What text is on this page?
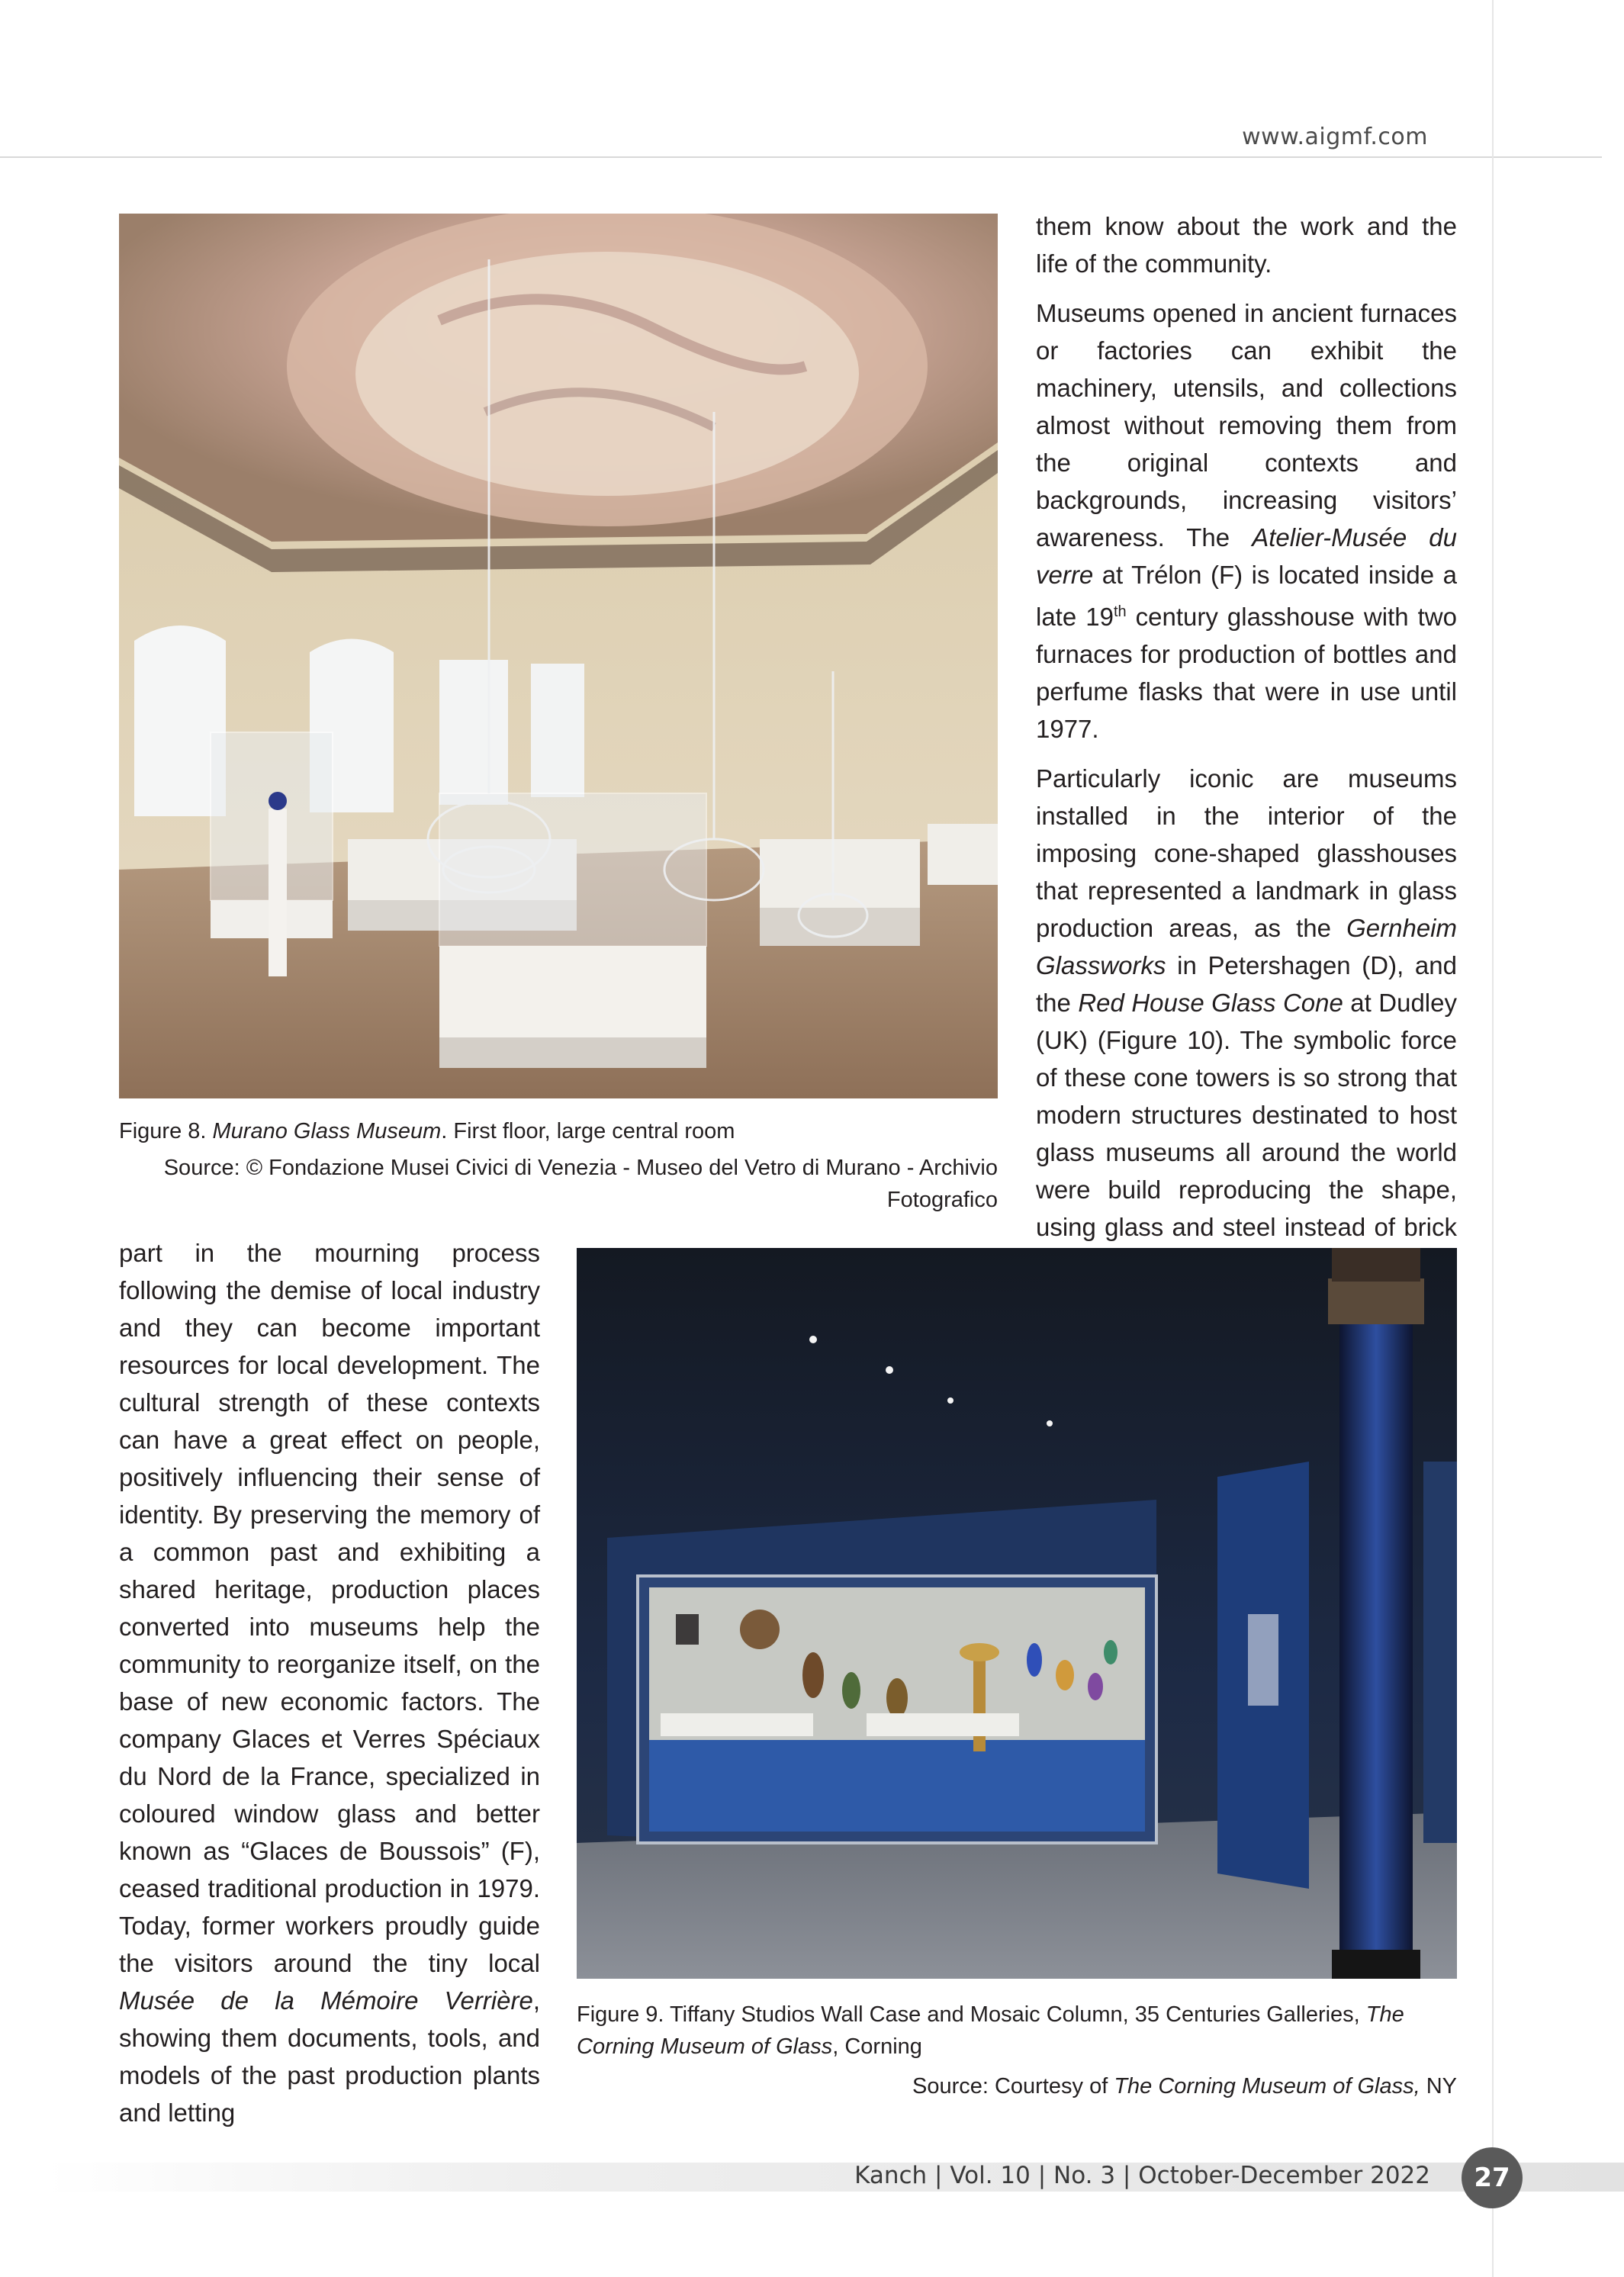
www.aigmf.com
Figure 8. Murano Glass Museum. First floor, large central room
Source: © Fondazione Musei Civici di Venezia - Museo del Vetro di Murano - Archivio
Fotografico

them know about the work and the life of the community.

Museums opened in ancient furnaces or factories can exhibit the machinery, utensils, and collections almost without removing them from the original contexts and backgrounds, increasing visitors’ awareness. The Atelier-Musée du verre at Trélon (F) is located inside a late 19th century glasshouse with two furnaces for production of bottles and perfume flasks that were in use until 1977.

Particularly iconic are museums installed in the interior of the imposing cone-shaped glasshouses that represented a landmark in glass production areas, as the Gernheim Glassworks in Petershagen (D), and the Red House Glass Cone at Dudley (UK) (Figure 10). The symbolic force of these cone towers is so strong that modern structures destinated to host glass museums all around the world were build reproducing the shape, using glass and steel instead of brick

part in the mourning process following the demise of local industry and they can become important resources for local development. The cultural strength of these contexts can have a great effect on people, positively influencing their sense of identity. By preserving the memory of a common past and exhibiting a shared heritage, production places converted into museums help the community to reorganize itself, on the base of new economic factors. The company Glaces et Verres Spéciaux du Nord de la France, specialized in coloured window glass and better known as “Glaces de Boussois” (F), ceased traditional production in 1979. Today, former workers proudly guide the visitors around the tiny local Musée de la Mémoire Verrière, showing them documents, tools, and models of the past production plants and letting

Figure 9. Tiffany Studios Wall Case and Mosaic Column, 35 Centuries Galleries, The Corning Museum of Glass, Corning
Source: Courtesy of The Corning Museum of Glass, NY
Kanch | Vol. 10 | No. 3 | October-December 2022	27
